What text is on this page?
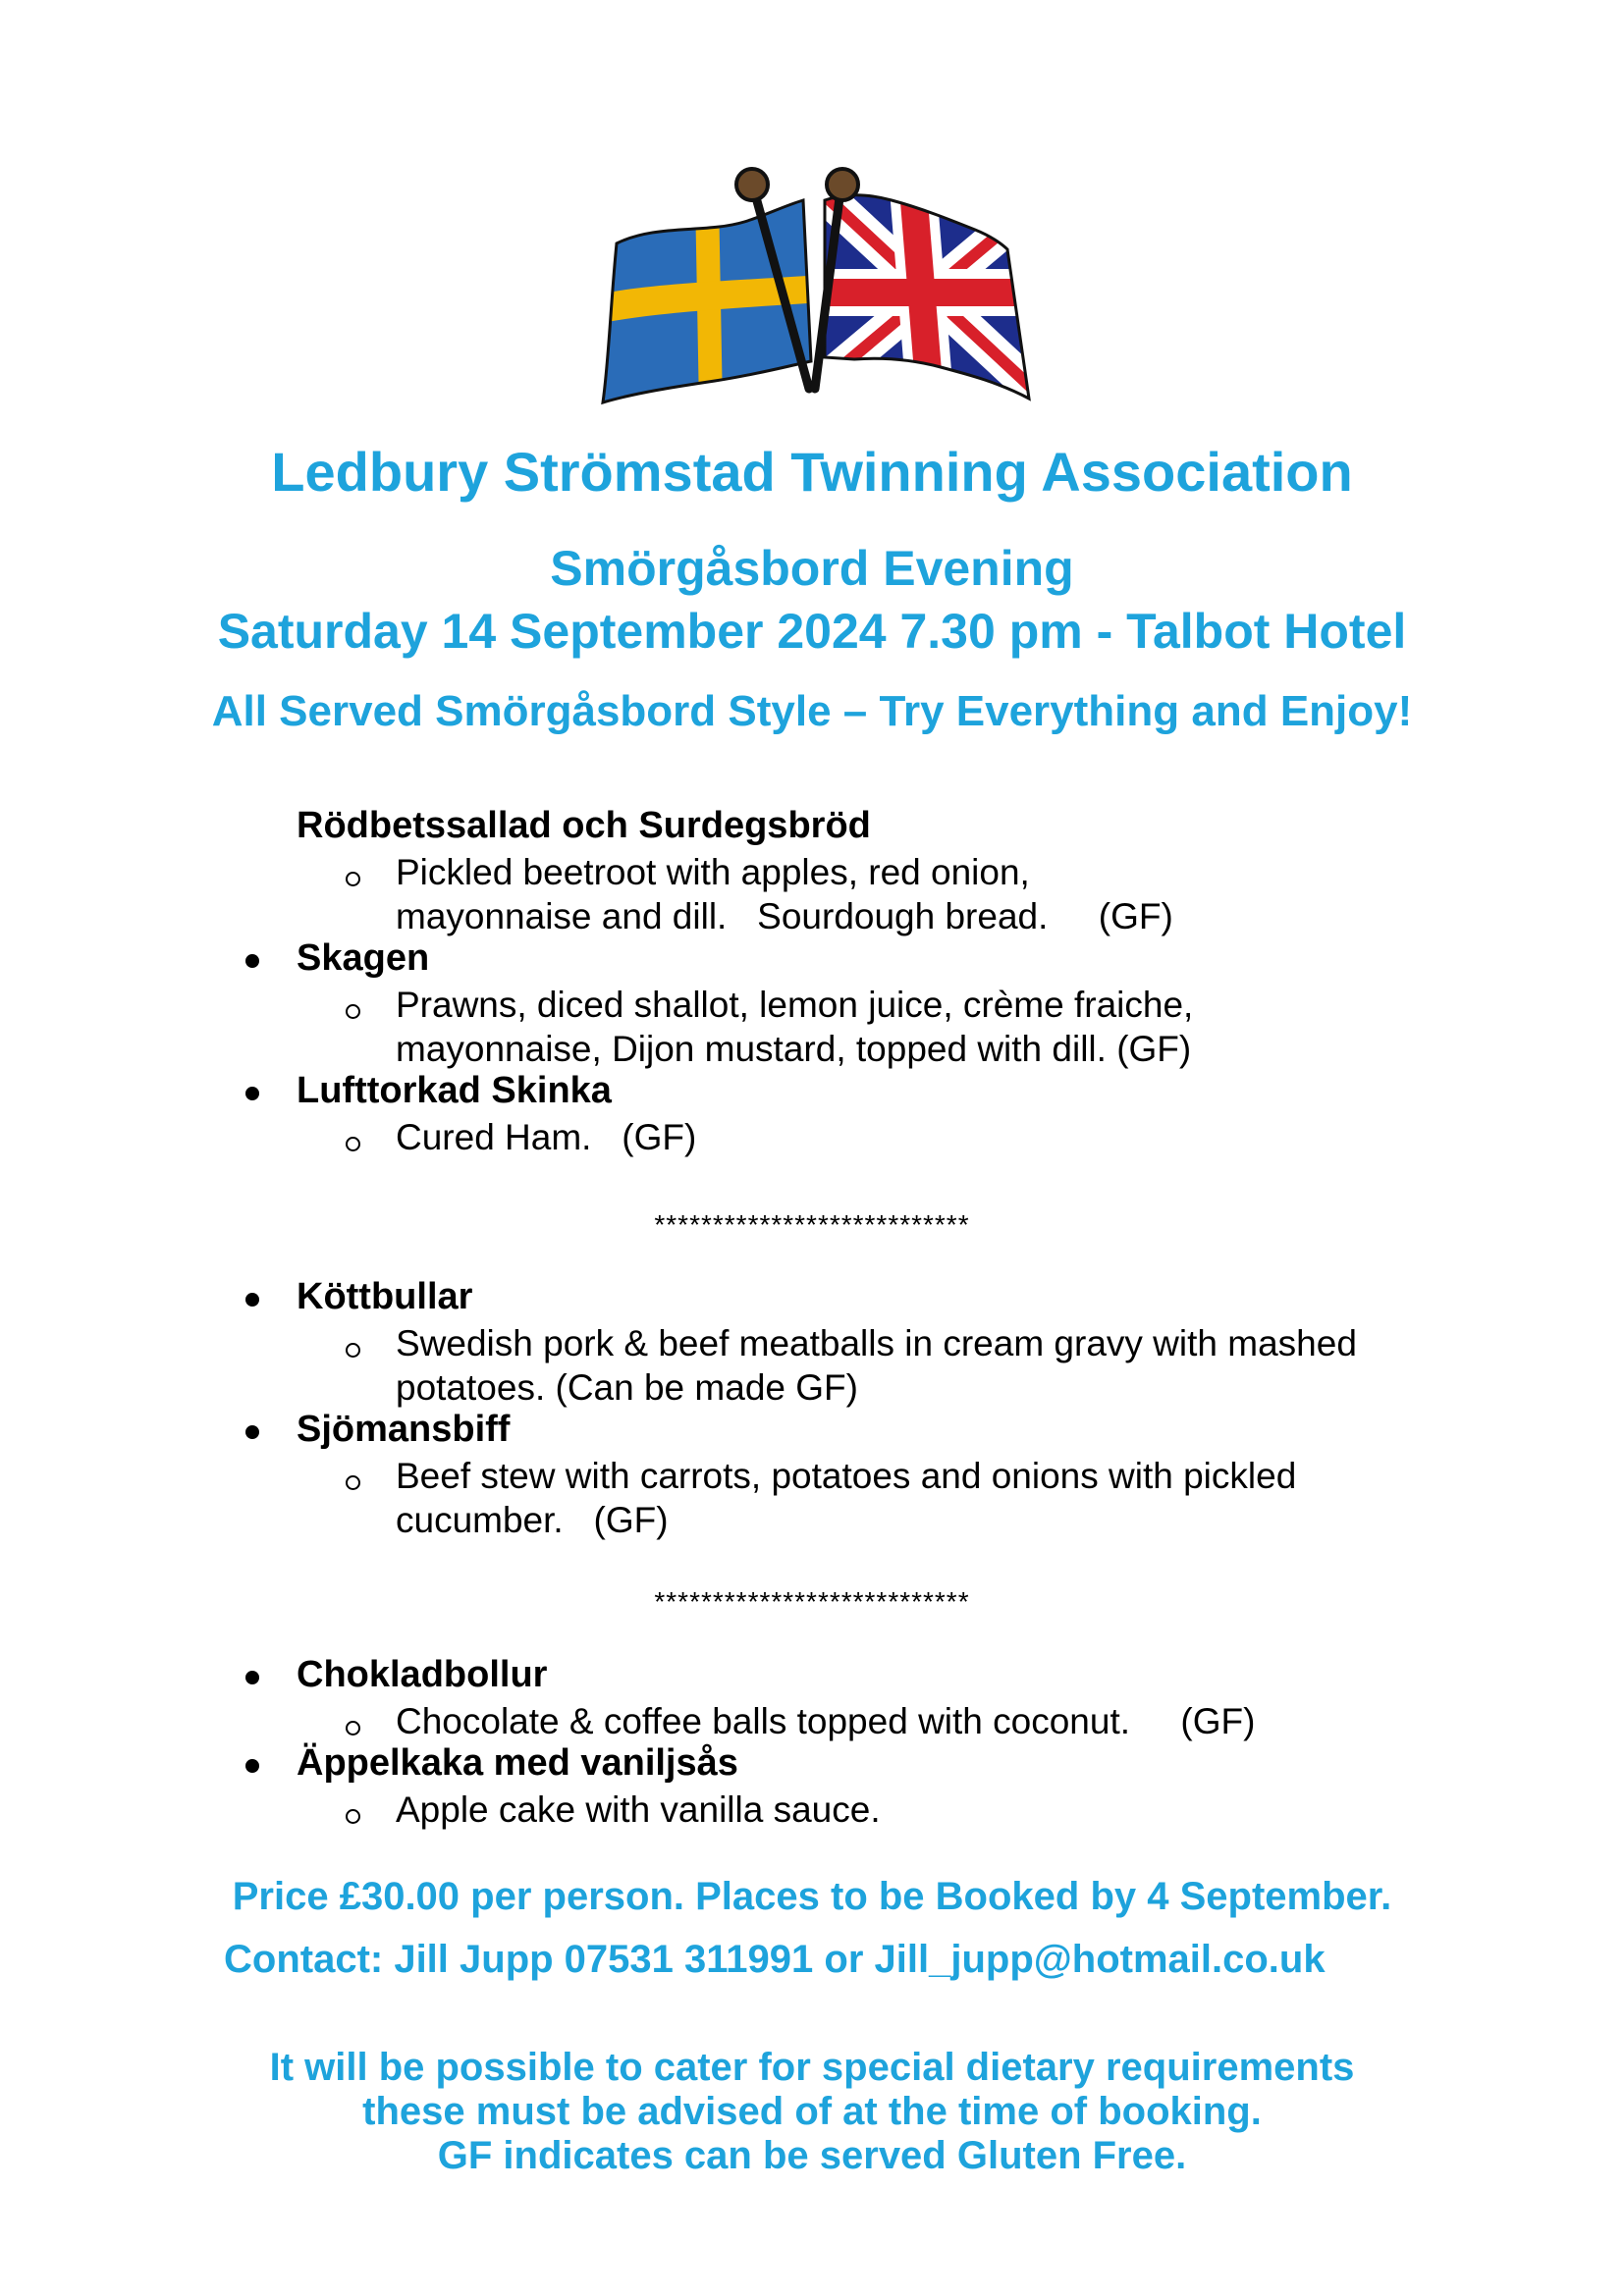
Ledbury Strömstad Twinning Association
Smörgåsbord Evening
Saturday 14 September 2024 7.30 pm - Talbot Hotel
All Served Smörgåsbord Style – Try Everything and Enjoy!
Rödbetssallad och Surdegsbröd
Pickled beetroot with apples, red onion,
mayonnaise and dill.   Sourdough bread.     (GF)
Skagen
Prawns, diced shallot, lemon juice, crème fraiche,
mayonnaise, Dijon mustard, topped with dill. (GF)
Lufttorkad Skinka
Cured Ham.   (GF)
***************************
Köttbullar
Swedish pork & beef meatballs in cream gravy with mashed
potatoes. (Can be made GF)
Sjömansbiff
Beef stew with carrots, potatoes and onions with pickled
cucumber.   (GF)
***************************
Chokladbollur
Chocolate & coffee balls topped with coconut.     (GF)
Äppelkaka med vaniljsås
Apple cake with vanilla sauce.
Price £30.00 per person. Places to be Booked by 4 September.
Contact: Jill Jupp 07531 311991 or Jill_jupp@hotmail.co.uk
It will be possible to cater for special dietary requirements
these must be advised of at the time of booking.
GF indicates can be served Gluten Free.
